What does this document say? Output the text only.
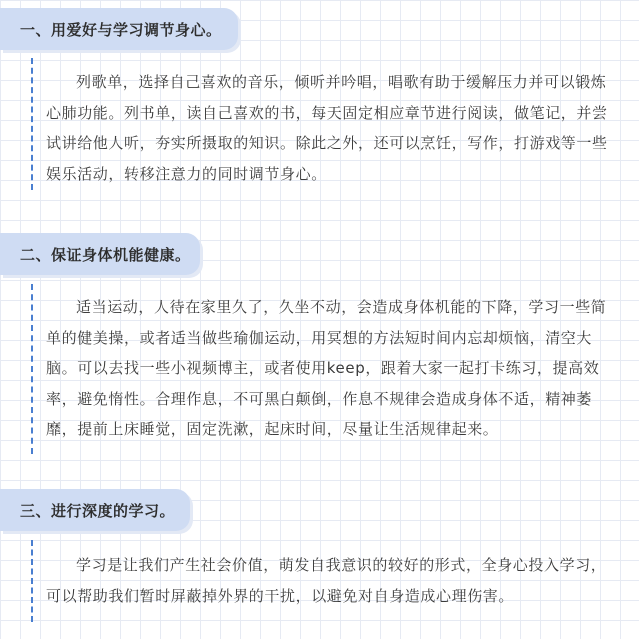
一、用爱好与学习调节身心。
列歌单，选择自己喜欢的音乐，倾听并吟唱，唱歌有助于缓解压力并可以锻炼心肺功能。列书单，读自己喜欢的书，每天固定相应章节进行阅读，做笔记，并尝试讲给他人听，夯实所摄取的知识。除此之外，还可以烹饪，写作，打游戏等一些娱乐活动，转移注意力的同时调节身心。
二、保证身体机能健康。
适当运动，人待在家里久了，久坐不动，会造成身体机能的下降，学习一些简单的健美操，或者适当做些瑜伽运动，用冥想的方法短时间内忘却烦恼，清空大脑。可以去找一些小视频博主，或者使用keep，跟着大家一起打卡练习，提高效率，避免惰性。合理作息，不可黑白颠倒，作息不规律会造成身体不适，精神萎靡，提前上床睡觉，固定洗漱，起床时间，尽量让生活规律起来。
三、进行深度的学习。
学习是让我们产生社会价值，萌发自我意识的较好的形式，全身心投入学习，可以帮助我们暂时屏蔽掉外界的干扰，以避免对自身造成心理伤害。
